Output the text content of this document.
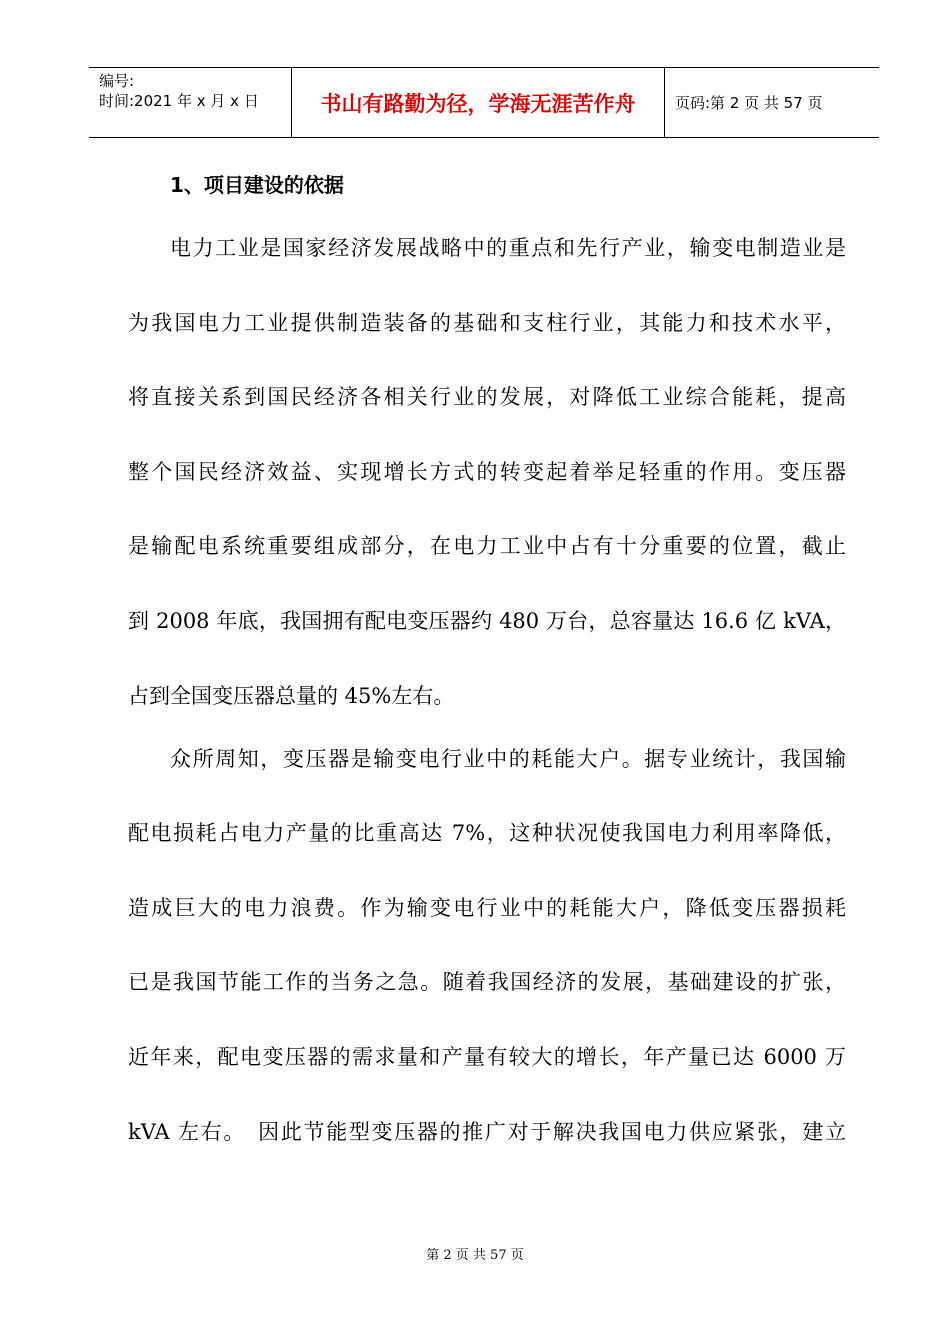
编号:
时间:2021 年 x 月 x 日	书山有路勤为径，学海无涯苦作舟	页码:第 2 页 共 57 页
1、项目建设的依据
电力工业是国家经济发展战略中的重点和先行产业，输变电制造业是
为我国电力工业提供制造装备的基础和支柱行业，其能力和技术水平，
将直接关系到国民经济各相关行业的发展，对降低工业综合能耗，提高
整个国民经济效益、实现增长方式的转变起着举足轻重的作用。变压器
是输配电系统重要组成部分，在电力工业中占有十分重要的位置，截止
到 2008 年底，我国拥有配电变压器约 480 万台，总容量达 16.6 亿 kVA，
占到全国变压器总量的 45%左右。
众所周知，变压器是输变电行业中的耗能大户。据专业统计，我国输
配电损耗占电力产量的比重高达 7%，这种状况使我国电力利用率降低，
造成巨大的电力浪费。作为输变电行业中的耗能大户，降低变压器损耗
已是我国节能工作的当务之急。随着我国经济的发展，基础建设的扩张，
近年来，配电变压器的需求量和产量有较大的增长，年产量已达 6000 万
kVA 左右。　因此节能型变压器的推广对于解决我国电力供应紧张，建立
第 2 页 共 57 页
